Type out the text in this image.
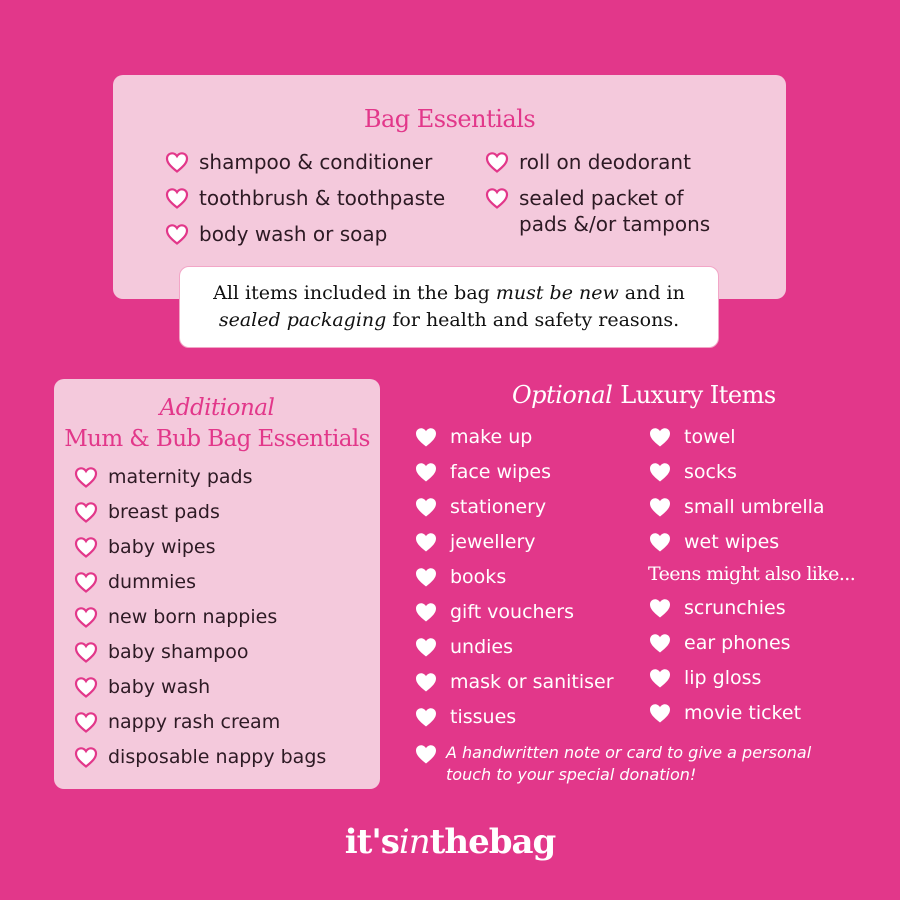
Bag Essentials
shampoo & conditioner
toothbrush & toothpaste
body wash or soap
roll on deodorant
sealed packet of pads &/or tampons
All items included in the bag must be new and in sealed packaging for health and safety reasons.
Additional
Mum & Bub Bag Essentials
maternity pads
breast pads
baby wipes
dummies
new born nappies
baby shampoo
baby wash
nappy rash cream
disposable nappy bags
Optional Luxury Items
make up
face wipes
stationery
jewellery
books
gift vouchers
undies
mask or sanitiser
tissues
towel
socks
small umbrella
wet wipes
Teens might also like...
scrunchies
ear phones
lip gloss
movie ticket
A handwritten note or card to give a personal touch to your special donation!
it'sinthebag
